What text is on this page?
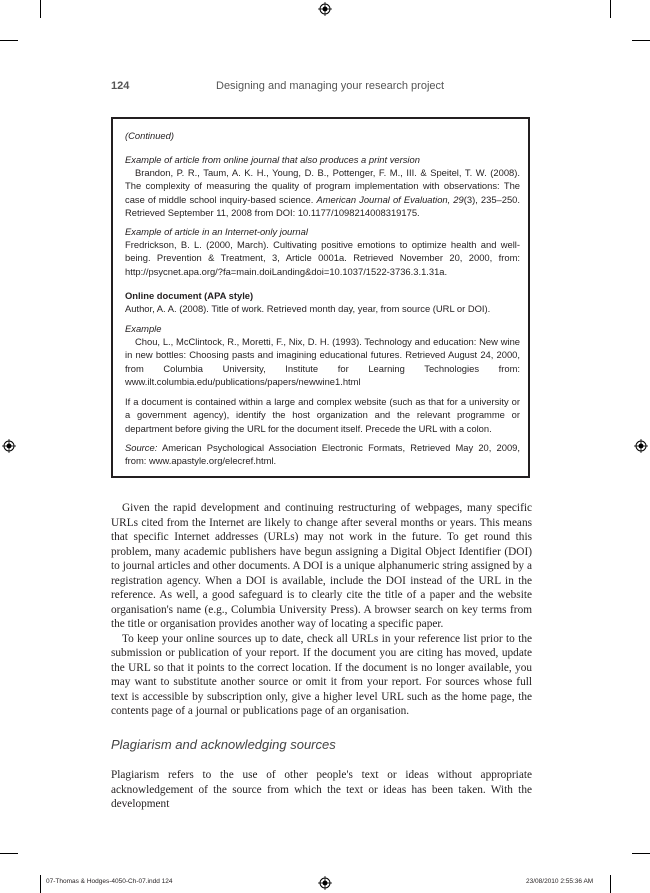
124	Designing and managing your research project
(Continued)
Example of article from online journal that also produces a print version

Brandon, P. R., Taum, A. K. H., Young, D. B., Pottenger, F. M., III. & Speitel, T. W. (2008). The complexity of measuring the quality of program implementation with observations: The case of middle school inquiry-based science. American Journal of Evaluation, 29(3), 235–250. Retrieved September 11, 2008 from DOI: 10.1177/1098214008319175.

Example of article in an Internet-only journal

Fredrickson, B. L. (2000, March). Cultivating positive emotions to optimize health and well-being. Prevention & Treatment, 3, Article 0001a. Retrieved November 20, 2000, from: http://psycnet.apa.org/?fa=main.doiLanding&doi=10.1037/1522-3736.3.1.31a.

Online document (APA style)
Author, A. A. (2008). Title of work. Retrieved month day, year, from source (URL or DOI).
Example

Chou, L., McClintock, R., Moretti, F., Nix, D. H. (1993). Technology and education: New wine in new bottles: Choosing pasts and imagining educational futures. Retrieved August 24, 2000, from Columbia University, Institute for Learning Technologies from: www.ilt.columbia.edu/publications/papers/newwine1.html

If a document is contained within a large and complex website (such as that for a university or a government agency), identify the host organization and the relevant programme or department before giving the URL for the document itself. Precede the URL with a colon.

Source: American Psychological Association Electronic Formats, Retrieved May 20, 2009, from: www.apastyle.org/elecref.html.

Given the rapid development and continuing restructuring of webpages, many specific URLs cited from the Internet are likely to change after several months or years. This means that specific Internet addresses (URLs) may not work in the future. To get round this problem, many academic publishers have begun assigning a Digital Object Identifier (DOI) to journal articles and other documents. A DOI is a unique alphanumeric string assigned by a registration agency. When a DOI is available, include the DOI instead of the URL in the reference. As well, a good safeguard is to clearly cite the title of a paper and the website organisation's name (e.g., Columbia University Press). A browser search on key terms from the title or organisation provides another way of locating a specific paper.

To keep your online sources up to date, check all URLs in your reference list prior to the submission or publication of your report. If the document you are citing has moved, update the URL so that it points to the correct location. If the document is no longer available, you may want to substitute another source or omit it from your report. For sources whose full text is accessible by subscription only, give a higher level URL such as the home page, the contents page of a journal or publications page of an organisation.

Plagiarism and acknowledging sources

Plagiarism refers to the use of other people's text or ideas without appropriate acknowledgement of the source from which the text or ideas has been taken. With the development

07-Thomas & Hodges-4050-Ch-07.indd 124	23/08/2010 2:55:36 AM
